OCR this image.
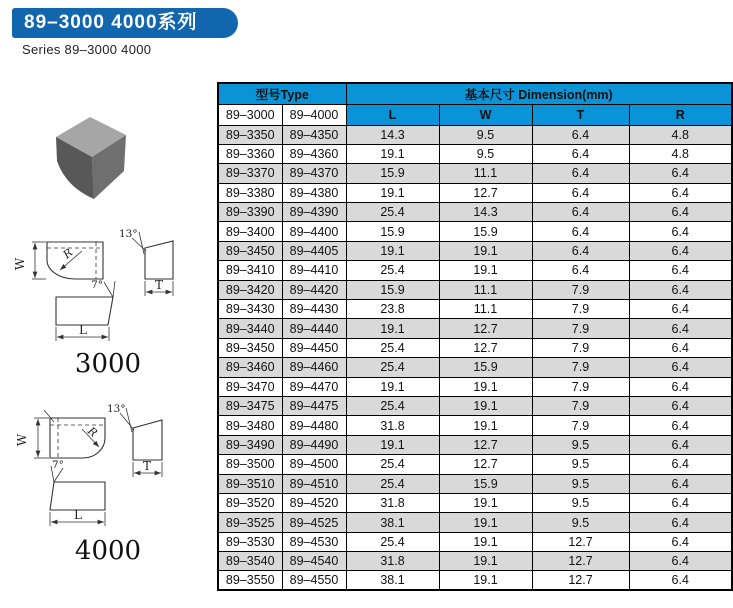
89–3000 4000系列
Series 89–3000 4000
W
R
13°
T
7°
L
3000
W
R
13°
T
7°
L
4000
型号Type		基本尺寸 Dimension(mm)			
89–3000	89–4000	L	W	T	R
89–3350	89–4350	14.3	9.5	6.4	4.8
89–3360	89–4360	19.1	9.5	6.4	4.8
89–3370	89–4370	15.9	11.1	6.4	6.4
89–3380	89–4380	19.1	12.7	6.4	6.4
89–3390	89–4390	25.4	14.3	6.4	6.4
89–3400	89–4400	15.9	15.9	6.4	6.4
89–3450	89–4405	19.1	19.1	6.4	6.4
89–3410	89–4410	25.4	19.1	6.4	6.4
89–3420	89–4420	15.9	11.1	7.9	6.4
89–3430	89–4430	23.8	11.1	7.9	6.4
89–3440	89–4440	19.1	12.7	7.9	6.4
89–3450	89–4450	25.4	12.7	7.9	6.4
89–3460	89–4460	25.4	15.9	7.9	6.4
89–3470	89–4470	19.1	19.1	7.9	6.4
89–3475	89–4475	25.4	19.1	7.9	6.4
89–3480	89–4480	31.8	19.1	7.9	6.4
89–3490	89–4490	19.1	12.7	9.5	6.4
89–3500	89–4500	25.4	12.7	9.5	6.4
89–3510	89–4510	25.4	15.9	9.5	6.4
89–3520	89–4520	31.8	19.1	9.5	6.4
89–3525	89–4525	38.1	19.1	9.5	6.4
89–3530	89–4530	25.4	19.1	12.7	6.4
89–3540	89–4540	31.8	19.1	12.7	6.4
89–3550	89–4550	38.1	19.1	12.7	6.4
